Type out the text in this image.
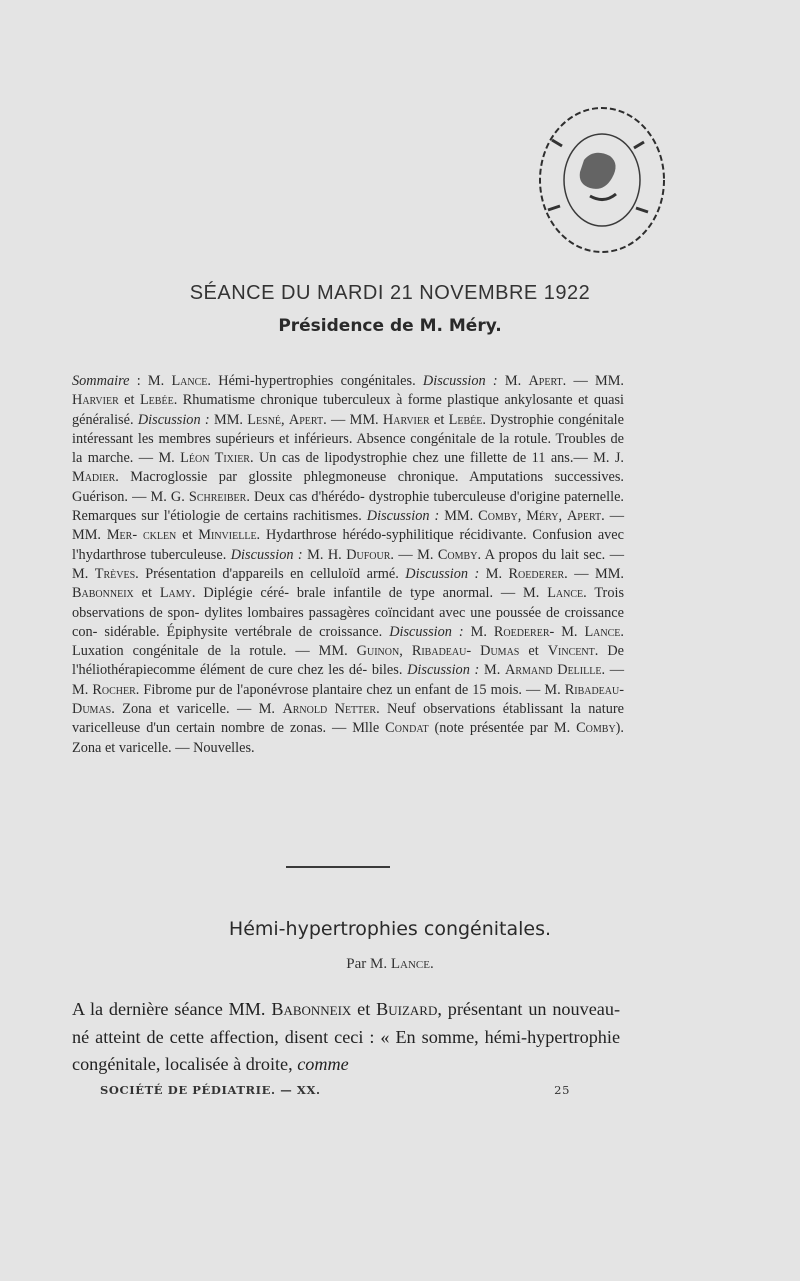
SÉANCE DU MARDI 21 NOVEMBRE 1922
Présidence de M. Méry.
Sommaire : M. Lance. Hémi-hypertrophies congénitales. Discussion : M. Apert. — MM. Harvier et Lebée. Rhumatisme chronique tuberculeux à forme plastique ankylosante et quasi généralisé. Discussion : MM. Lesné, Apert. — MM. Harvier et Lebée. Dystrophie congénitale intéressant les membres supérieurs et inférieurs. Absence congénitale de la rotule. Troubles de la marche. — M. Léon Tixier. Un cas de lipodystrophie chez une fillette de 11 ans.— M. J. Madier. Macroglossie par glossite phlegmoneuse chronique. Amputations successives. Guérison. — M. G. Schreiber. Deux cas d'hérédo- dystrophie tuberculeuse d'origine paternelle. Remarques sur l'étiologie de certains rachitismes. Discussion : MM. Comby, Méry, Apert. — MM. Mer- cklen et Minvielle. Hydarthrose hérédo-syphilitique récidivante. Confusion avec l'hydarthrose tuberculeuse. Discussion : M. H. Dufour. — M. Comby. A propos du lait sec. — M. Trèves. Présentation d'appareils en celluloïd armé. Discussion : M. Roederer. — MM. Babonneix et Lamy. Diplégie céré- brale infantile de type anormal. — M. Lance. Trois observations de spon- dylites lombaires passagères coïncidant avec une poussée de croissance con- sidérable. Épiphysite vertébrale de croissance. Discussion : M. Roederer- M. Lance. Luxation congénitale de la rotule. — MM. Guinon, Ribadeau- Dumas et Vincent. De l'héliothérapiecomme élément de cure chez les dé- biles. Discussion : M. Armand Delille. — M. Rocher. Fibrome pur de l'aponévrose plantaire chez un enfant de 15 mois. — M. Ribadeau-Dumas. Zona et varicelle. — M. Arnold Netter. Neuf observations établissant la nature varicelleuse d'un certain nombre de zonas. — Mlle Condat (note présentée par M. Comby). Zona et varicelle. — Nouvelles.
Hémi-hypertrophies congénitales.
Par M. Lance.
A la dernière séance MM. Babonneix et Buizard, présentant un nouveau-né atteint de cette affection, disent ceci : « En somme, hémi-hypertrophie congénitale, localisée à droite, comme
SOCIÉTÉ DE PÉDIATRIE. — XX.	25
